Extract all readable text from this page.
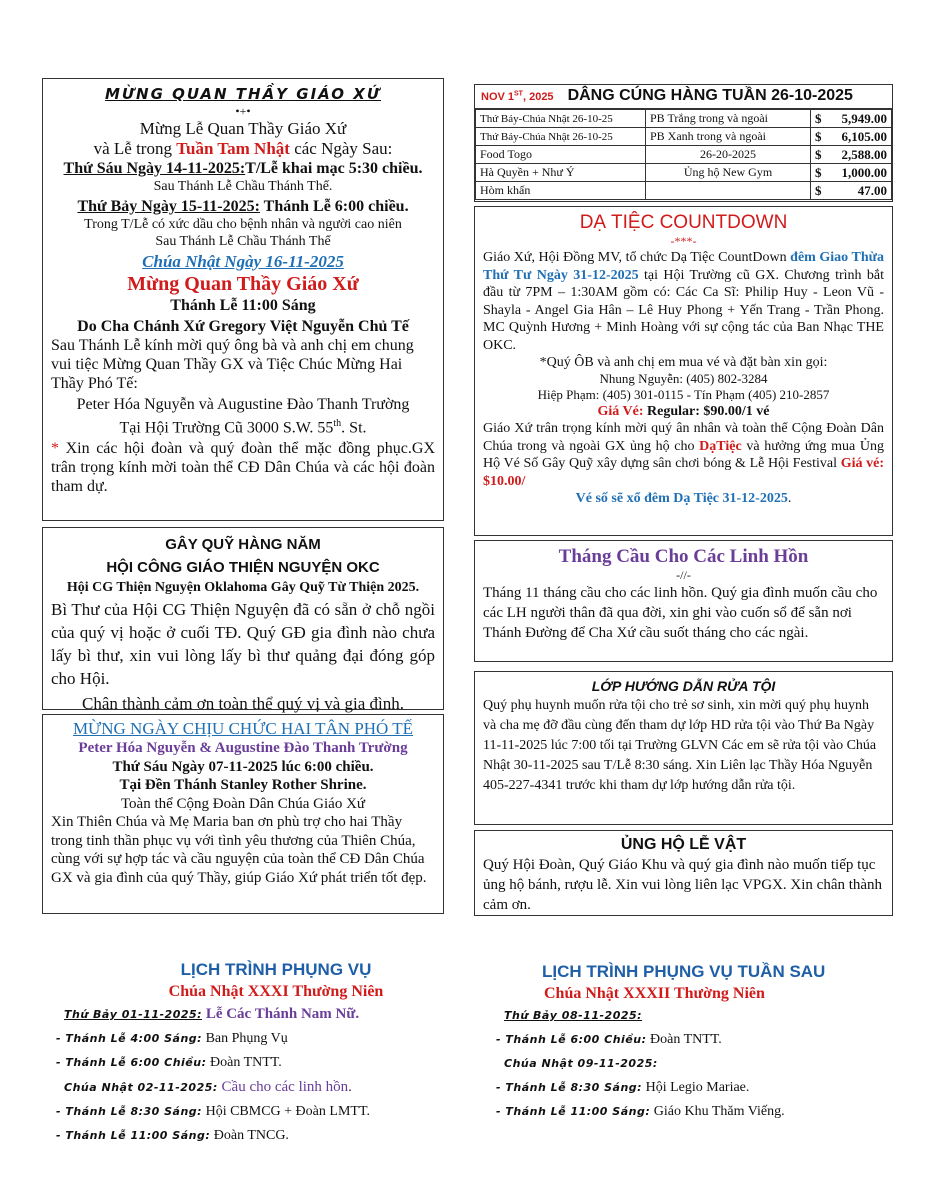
MỪNG QUAN THẦY GIÁO XỨ
•+•
Mừng Lễ Quan Thầy Giáo Xứ
và Lễ trong Tuần Tam Nhật các Ngày Sau:
Thứ Sáu Ngày 14-11-2025:T/Lễ khai mạc 5:30 chiều.
Sau Thánh Lễ Chầu Thánh Thể.
Thứ Bảy Ngày 15-11-2025: Thánh Lễ 6:00 chiều.
Trong T/Lễ có xức dầu cho bệnh nhân và người cao niên
Sau Thánh Lễ Chầu Thánh Thể
Chúa Nhật Ngày 16-11-2025
Mừng Quan Thầy Giáo Xứ
Thánh Lễ 11:00 Sáng
Do Cha Chánh Xứ Gregory Việt Nguyễn Chủ Tế
Sau Thánh Lễ kính mời quý ông bà và anh chị em chung vui tiệc Mừng Quan Thầy GX và Tiệc Chúc Mừng Hai Thầy Phó Tế:
Peter Hóa Nguyễn và Augustine Đào Thanh Trường
Tại Hội Trường Cũ 3000 S.W. 55th. St.
* Xin các hội đoàn và quý đoàn thể mặc đồng phục.GX trân trọng kính mời toàn thể CĐ Dân Chúa và các hội đoàn tham dự.
GÂY QUỸ HÀNG NĂM
HỘI CÔNG GIÁO THIỆN NGUYỆN OKC
Hội CG Thiện Nguyện Oklahoma Gây Quỹ Từ Thiện 2025.
Bì Thư của Hội CG Thiện Nguyện đã có sẵn ở chỗ ngồi của quý vị hoặc ở cuối TĐ. Quý GĐ gia đình nào chưa lấy bì thư, xin vui lòng lấy bì thư quảng đại đóng góp cho Hội.
Chân thành cảm ơn toàn thể quý vị và gia đình.
MỪNG NGÀY CHỊU CHỨC HAI TÂN PHÓ TẾ
Peter Hóa Nguyễn & Augustine Đào Thanh Trường
Thứ Sáu Ngày 07-11-2025 lúc 6:00 chiều.
Tại Đền Thánh Stanley Rother Shrine.
Toàn thể Cộng Đoàn Dân Chúa Giáo Xứ
Xin Thiên Chúa và Mẹ Maria ban ơn phù trợ cho hai Thầy trong tinh thần phục vụ với tình yêu thương của Thiên Chúa, cùng với sự hợp tác và cầu nguyện của toàn thể CĐ Dân Chúa GX và gia đình của quý Thầy, giúp Giáo Xứ phát triển tốt đẹp.
NOV 1ST, 2025 DÂNG CÚNG HÀNG TUẦN 26-10-2025
Thứ Bảy-Chúa Nhật 26-10-25	PB Trắng trong và ngoài	$ 5,949.00

Thứ Bảy-Chúa Nhật 26-10-25	PB Xanh trong và ngoài	$ 6,105.00

Food Togo	26-20-2025	$ 2,588.00

Hà Quyền + Như Ý	Ủng hộ New Gym	$ 1,000.00

Hòm khấn		$ 47.00
DẠ TIỆC COUNTDOWN
-***-
Giáo Xứ, Hội Đồng MV, tổ chức Dạ Tiệc CountDown đêm Giao Thừa Thứ Tư Ngày 31-12-2025 tại Hội Trường cũ GX. Chương trình bắt đầu từ 7PM – 1:30AM gồm có: Các Ca Sĩ: Philip Huy - Leon Vũ - Shayla - Angel Gia Hân – Lê Huy Phong + Yến Trang - Trần Phong. MC Quỳnh Hương + Minh Hoàng với sự cộng tác của Ban Nhạc THE OKC.
*Quý ÔB và anh chị em mua vé và đặt bàn xin gọi:
Nhung Nguyễn: (405) 802-3284
Hiệp Phạm: (405) 301-0115 - Tín Phạm (405) 210-2857
Giá Vé: Regular: $90.00/1 vé
Giáo Xứ trân trọng kính mời quý ân nhân và toàn thể Cộng Đoàn Dân Chúa trong và ngoài GX ủng hộ cho DạTiệc và hưởng ứng mua Ủng Hộ Vé Số Gây Quỹ xây dựng sân chơi bóng & Lễ Hội Festival Giá vé: $10.00/
Vé số sẽ xổ đêm Dạ Tiệc 31-12-2025.
Tháng Cầu Cho Các Linh Hồn
-//-
Tháng 11 tháng cầu cho các linh hồn. Quý gia đình muốn cầu cho các LH người thân đã qua đời, xin ghi vào cuốn sổ để sẵn nơi Thánh Đường để Cha Xứ cầu suốt tháng cho các ngài.
LỚP HƯỚNG DẪN RỬA TỘI
Quý phụ huynh muốn rửa tội cho trẻ sơ sinh, xin mời quý phụ huynh và cha mẹ đỡ đầu cùng đến tham dự lớp HD rửa tội vào Thứ Ba Ngày 11-11-2025 lúc 7:00 tối tại Trường GLVN Các em sẽ rửa tội vào Chúa Nhật 30-11-2025 sau T/Lễ 8:30 sáng. Xin Liên lạc Thầy Hóa Nguyễn 405-227-4341 trước khi tham dự lớp hướng dẫn rửa tội.
ỦNG HỘ LỄ VẬT
Quý Hội Đoàn, Quý Giáo Khu và quý gia đình nào muốn tiếp tục ủng hộ bánh, rượu lễ. Xin vui lòng liên lạc VPGX. Xin chân thành cảm ơn.
LỊCH TRÌNH PHỤNG VỤ
Chúa Nhật XXXI Thường Niên
Thứ Bảy 01-11-2025: Lễ Các Thánh Nam Nữ.
- Thánh Lễ 4:00 Sáng: Ban Phụng Vụ
- Thánh Lễ 6:00 Chiều: Đoàn TNTT.
Chúa Nhật 02-11-2025: Cầu cho các linh hồn.
- Thánh Lễ 8:30 Sáng: Hội CBMCG + Đoàn LMTT.
- Thánh Lễ 11:00 Sáng: Đoàn TNCG.
LỊCH TRÌNH PHỤNG VỤ TUẦN SAU
Chúa Nhật XXXII Thường Niên
Thứ Bảy 08-11-2025:
- Thánh Lễ 6:00 Chiều: Đoàn TNTT.
Chúa Nhật 09-11-2025:
- Thánh Lễ 8:30 Sáng: Hội Legio Mariae.
- Thánh Lễ 11:00 Sáng: Giáo Khu Thăm Viếng.
